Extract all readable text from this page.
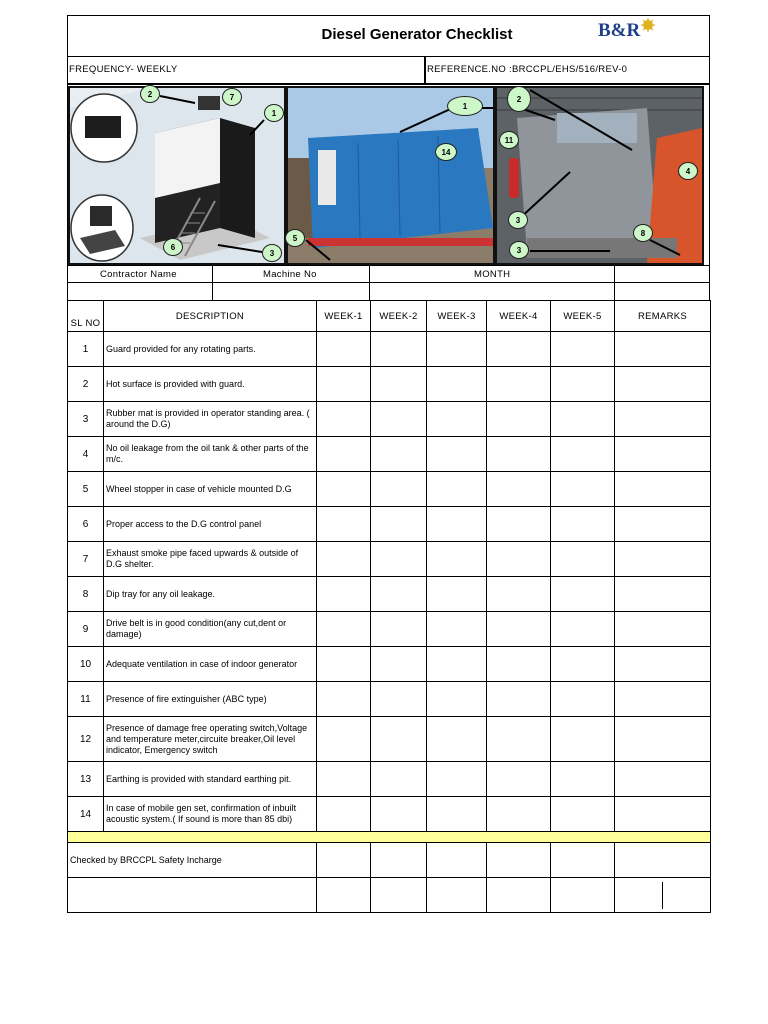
Diesel Generator Checklist	B&R
FREQUENCY- WEEKLY	REFERENCE.NO :BRCCPL/EHS/516/REV-0
2	7
1
6
3
1
14
5
2
11
4
3
8
3
Contractor Name	Machine No	MONTH
SL NO	DESCRIPTION	WEEK-1	WEEK-2	WEEK-3	WEEK-4	WEEK-5	REMARKS
1	Guard provided for any rotating parts.						
2	Hot surface is provided with guard.						
3	Rubber mat is provided in operator standing area. ( around the D.G)						
4	No oil leakage from the oil tank & other parts of the m/c.						
5	Wheel stopper in case of vehicle mounted D.G						
6	Proper access to the D.G control panel						
7	Exhaust smoke pipe faced upwards & outside of D.G shelter.						
8	Dip tray for any oil leakage.						
9	Drive belt is in good condition(any cut,dent or damage)						
10	Adequate ventilation in case of indoor generator						
11	Presence of fire extinguisher (ABC type)						
12	Presence of damage free operating switch,Voltage and temperature meter,circuite breaker,Oil level indicator, Emergency switch						
13	Earthing is provided with standard earthing pit.						
14	In case of mobile gen set, confirmation of inbuilt acoustic system.( If sound is more than 85 dbi)						

Checked by BRCCPL Safety Incharge							
